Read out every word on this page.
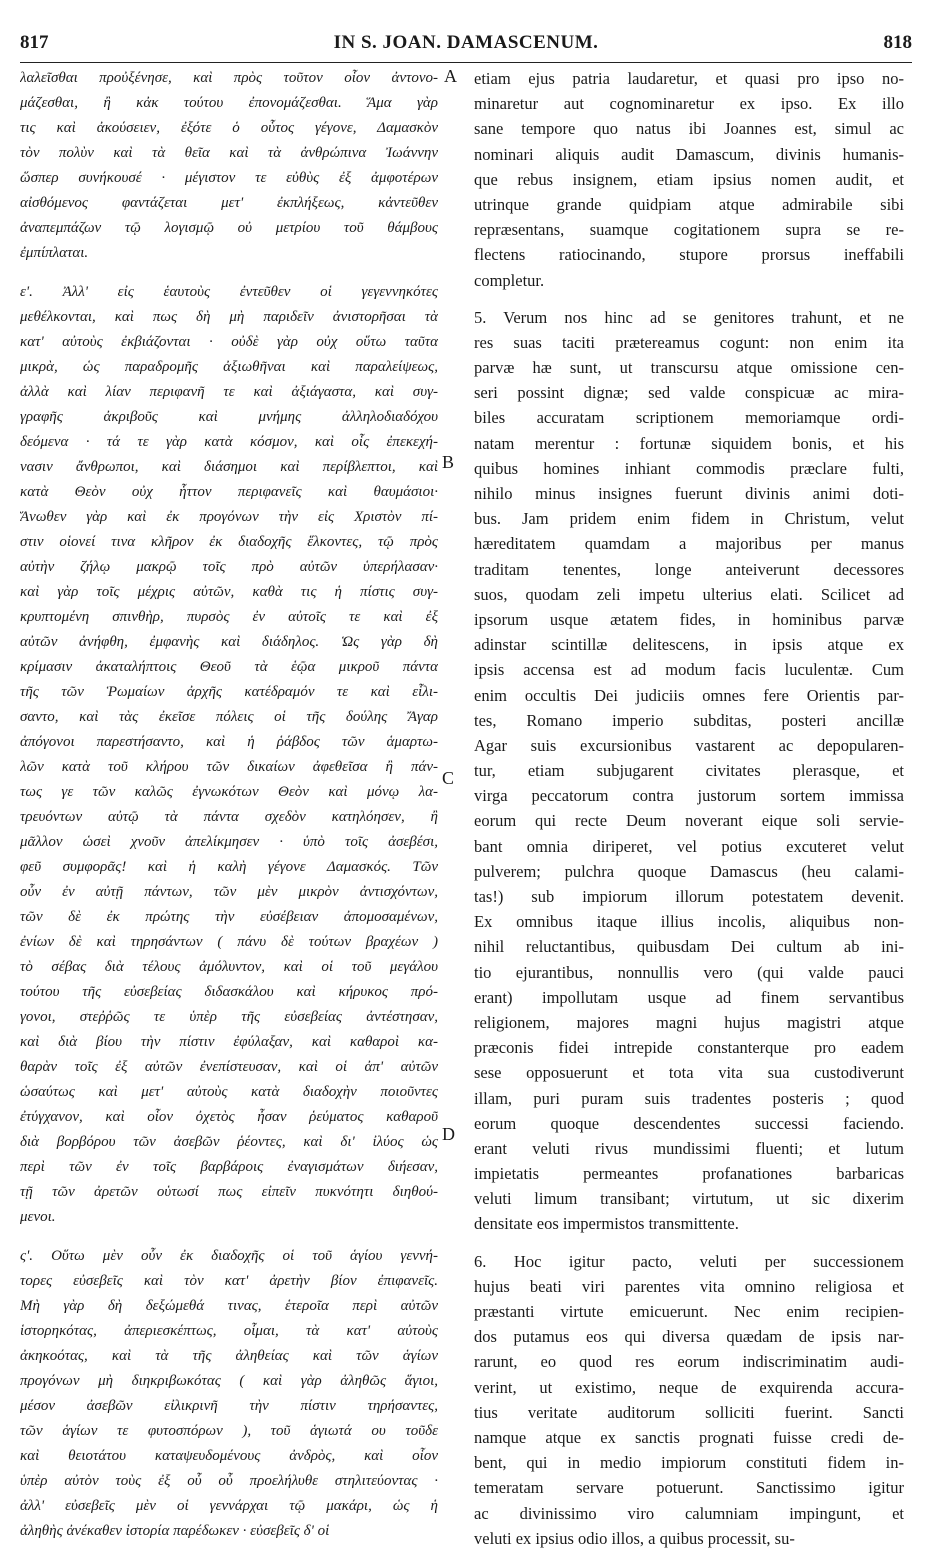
817	IN S. JOAN. DAMASCENUM.	818
λαλεῖσθαι προὐξένησε, καὶ πρὸς τοῦτον οἷον ἀντονο-
μάζεσθαι, ἢ κἀκ τούτου ἐπονομάζεσθαι. Ἅμα γὰρ
τις καὶ ἀκούσειεν, ἐξότε ὁ οὗτος γέγονε, Δαμασκὸν
τὸν πολὺν καὶ τὰ θεῖα καὶ τὰ ἀνθρώπινα Ἰωάννην
ὥσπερ συνήκουσέ · μέγιστον τε εὐθὺς ἐξ ἀμφοτέρων
αἰσθόμενος φαντάζεται μετ' ἐκπλήξεως, κἀντεῦθεν
ἀναπεμπάζων τῷ λογισμῷ οὐ μετρίου τοῦ θάμβους
ἐμπίπλαται.
ε'. Ἀλλ' εἰς ἑαυτοὺς ἐντεῦθεν οἱ γεγεννηκότες
μεθέλκονται, καὶ πως δὴ μὴ παριδεῖν ἀνιστορῆσαι τὰ
κατ' αὐτοὺς ἐκβιάζονται · οὐδὲ γὰρ οὐχ οὕτω ταῦτα
μικρὰ, ὡς παραδρομῆς ἀξιωθῆναι καὶ παραλείψεως,
ἀλλὰ καὶ λίαν περιφανῆ τε καὶ ἀξιάγαστα, καὶ συγ-
γραφῆς ἀκριβοῦς καὶ μνήμης ἀλληλοδιαδόχου
δεόμενα · τά τε γὰρ κατὰ κόσμον, καὶ οἷς ἐπεκεχή-
νασιν ἄνθρωποι, καὶ διάσημοι καὶ περίβλεπτοι, καὶ
κατὰ Θεὸν οὐχ ἧττον περιφανεῖς καὶ θαυμάσιοι·
Ἄνωθεν γὰρ καὶ ἐκ προγόνων τὴν εἰς Χριστὸν πί-
στιν οἱονεί τινα κλῆρον ἐκ διαδοχῆς ἕλκοντες, τῷ πρὸς
αὐτὴν ζήλῳ μακρῷ τοῖς πρὸ αὐτῶν ὑπερήλασαν·
καὶ γὰρ τοῖς μέχρις αὐτῶν, καθὰ τις ἡ πίστις συγ-
κρυπτομένη σπινθὴρ, πυρσὸς ἐν αὐτοῖς τε καὶ ἐξ
αὐτῶν ἀνήφθη, ἐμφανὴς καὶ διάδηλος. Ὡς γὰρ δὴ
κρίμασιν ἀκαταλήπτοις Θεοῦ τὰ ἑῷα μικροῦ πάντα
τῆς τῶν Ῥωμαίων ἀρχῆς κατέδραμόν τε καὶ εἷλι-
σαντο, καὶ τὰς ἐκεῖσε πόλεις οἱ τῆς δούλης Ἄγαρ
ἀπόγονοι παρεστήσαντο, καὶ ἡ ῥάβδος τῶν ἁμαρτω-
λῶν κατὰ τοῦ κλήρου τῶν δικαίων ἀφεθεῖσα ἢ πάν-
τως γε τῶν καλῶς ἐγνωκότων Θεὸν καὶ μόνῳ λα-
τρευόντων αὐτῷ τὰ πάντα σχεδὸν κατηλόησεν, ἢ
μᾶλλον ὡσεὶ χνοῦν ἀπελίκμησεν · ὑπὸ τοῖς ἀσεβέσι,
φεῦ συμφορᾶς! καὶ ἡ καλὴ γέγονε Δαμασκός. Τῶν
οὖν ἐν αὐτῇ πάντων, τῶν μὲν μικρὸν ἀντισχόντων,
τῶν δὲ ἐκ πρώτης τὴν εὐσέβειαν ἀπομοσαμένων,
ἐνίων δὲ καὶ τηρησάντων ( πάνυ δὲ τούτων βραχέων )
τὸ σέβας διὰ τέλους ἀμόλυντον, καὶ οἱ τοῦ μεγάλου
τούτου τῆς εὐσεβείας διδασκάλου καὶ κήρυκος πρό-
γονοι, στεῤῥῶς τε ὑπὲρ τῆς εὐσεβείας ἀντέστησαν,
καὶ διὰ βίου τὴν πίστιν ἐφύλαξαν, καὶ καθαροὶ κα-
θαρὰν τοῖς ἐξ αὐτῶν ἐνεπίστευσαν, καὶ οἱ ἀπ' αὐτῶν
ὡσαύτως καὶ μετ' αὐτοὺς κατὰ διαδοχὴν ποιοῦντες
ἐτύγχανον, καὶ οἷον ὀχετὸς ἦσαν ῥεύματος καθαροῦ
διὰ βορβόρου τῶν ἀσεβῶν ῥέοντες, καὶ δι' ἰλύος ὡς
περὶ τῶν ἐν τοῖς βαρβάροις ἐναγισμάτων διήεσαν,
τῇ τῶν ἀρετῶν οὑτωσί πως εἰπεῖν πυκνότητι διηθού-
μενοι.
ς'. Οὕτω μὲν οὖν ἐκ διαδοχῆς οἱ τοῦ ἁγίου γεννή-
τορες εὐσεβεῖς καὶ τὸν κατ' ἀρετὴν βίον ἐπιφανεῖς.
Μὴ γὰρ δὴ δεξώμεθά τινας, ἑτεροῖα περὶ αὐτῶν
ἱστορηκότας, ἀπεριεσκέπτως, οἶμαι, τὰ κατ' αὐτοὺς
ἀκηκοότας, καὶ τὰ τῆς ἀληθείας καὶ τῶν ἁγίων
προγόνων μὴ διηκριβωκότας ( καὶ γὰρ ἀληθῶς ἅγιοι,
μέσον ἀσεβῶν εἰλικρινῆ τὴν πίστιν τηρήσαντες,
τῶν ἁγίων τε φυτοσπόρων ), τοῦ ἁγιωτά ου τοῦδε
καὶ θειοτάτου καταψευδομένους ἀνδρὸς, καὶ οἷον
ὑπὲρ αὐτὸν τοὺς ἐξ οὗ οὗ προελήλυθε στηλιτεύοντας ·
ἀλλ' εὐσεβεῖς μὲν οἱ γεννάρχαι τῷ μακάρι, ὡς ἡ
ἀληθὴς ἀνέκαθεν ἱστορία παρέδωκεν · εὐσεβεῖς δ' οἱ
etiam ejus patria laudaretur, et quasi pro ipso no-
minaretur aut cognominaretur ex ipso. Ex illo
sane tempore quo natus ibi Joannes est, simul ac
nominari aliquis audit Damascum, divinis humanis-
que rebus insignem, etiam ipsius nomen audit, et
utrinque grande quidpiam atque admirabile sibi
repræsentans, suamque cogitationem supra se re-
flectens ratiocinando, stupore prorsus ineffabili
completur.
5. Verum nos hinc ad se genitores trahunt, et ne
res suas taciti prætereamus cogunt: non enim ita
parvæ hæ sunt, ut transcursu atque omissione cen-
seri possint dignæ; sed valde conspicuæ ac mira-
biles accuratam scriptionem memoriamque ordi-
natam merentur : fortunæ siquidem bonis, et his
quibus homines inhiant commodis præclare fulti,
nihilo minus insignes fuerunt divinis animi doti-
bus. Jam pridem enim fidem in Christum, velut
hæreditatem quamdam a majoribus per manus
traditam tenentes, longe anteiverunt decessores
suos, quodam zeli impetu ulterius elati. Scilicet ad
ipsorum usque ætatem fides, in hominibus parvæ
adinstar scintillæ delitescens, in ipsis atque ex
ipsis accensa est ad modum facis luculentæ. Cum
enim occultis Dei judiciis omnes fere Orientis par-
tes, Romano imperio subditas, posteri ancillæ
Agar suis excursionibus vastarent ac depopularen-
tur, etiam subjugarent civitates plerasque, et
virga peccatorum contra justorum sortem immissa
eorum qui recte Deum noverant eique soli servie-
bant omnia diriperet, vel potius excuteret velut
pulverem; pulchra quoque Damascus (heu calami-
tas!) sub impiorum illorum potestatem devenit.
Ex omnibus itaque illius incolis, aliquibus non-
nihil reluctantibus, quibusdam Dei cultum ab ini-
tio ejurantibus, nonnullis vero (qui valde pauci
erant) impollutam usque ad finem servantibus
religionem, majores magni hujus magistri atque
præconis fidei intrepide constanterque pro eadem
sese opposuerunt et tota vita sua custodiverunt
illam, puri puram suis tradentes posteris ; quod
eorum quoque descendentes successi faciendo.
erant veluti rivus mundissimi fluenti; et lutum
impietatis permeantes profanationes barbaricas
veluti limum transibant; virtutum, ut sic dixerim
densitate eos impermistos transmittente.
6. Hoc igitur pacto, veluti per successionem
hujus beati viri parentes vita omnino religiosa et
præstanti virtute emicuerunt. Nec enim recipien-
dos putamus eos qui diversa quædam de ipsis nar-
rarunt, eo quod res eorum indiscriminatim audi-
verint, ut existimo, neque de exquirenda accura-
tius veritate auditorum solliciti fuerint. Sancti
namque atque ex sanctis prognati fuisse credi de-
bent, qui in medio impiorum constituti fidem in-
temeratam servare potuerunt. Sanctissimo igitur
ac divinissimo viro calumniam impingunt, et
veluti ex ipsius odio illos, a quibus processit, su-
A
B
C
D
